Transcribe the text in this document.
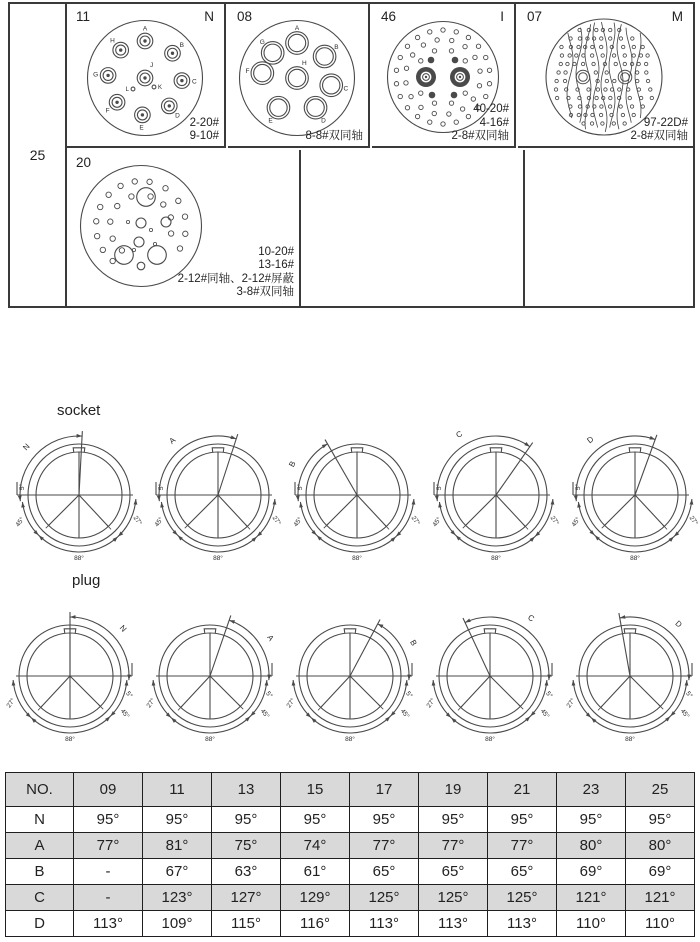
25
11	N
A
B
C
D
E
F
G
H
J
L	K
2-20#
9-10#
08
A
B
C
D
E
F
G
H
8-8#双同轴
46	I
40-20#
4-16#
2-8#双同轴
07	M
97-22D#
2-8#双同轴
20
10-20#
13-16#
2-12#同轴、2-12#屏蔽
3-8#双同轴
socket
N
5°
45°
88°
27°
A
5°
45°
88°
27°
B
5°
45°
88°
27°
C
5°
45°
88°
27°
D
5°
45°
88°
27°
plug
N
27°
88°
45°
5°
A
27°
88°
45°
5°
B
27°
88°
45°
5°
C
27°
88°
45°
5°
D
27°
88°
45°
5°
NO.	09	11	13	15	17	19	21	23	25
N	95°	95°	95°	95°	95°	95°	95°	95°	95°
A	77°	81°	75°	74°	77°	77°	77°	80°	80°
B	-	67°	63°	61°	65°	65°	65°	69°	69°
C	-	123°	127°	129°	125°	125°	125°	121°	121°
D	113°	109°	115°	116°	113°	113°	113°	110°	110°
